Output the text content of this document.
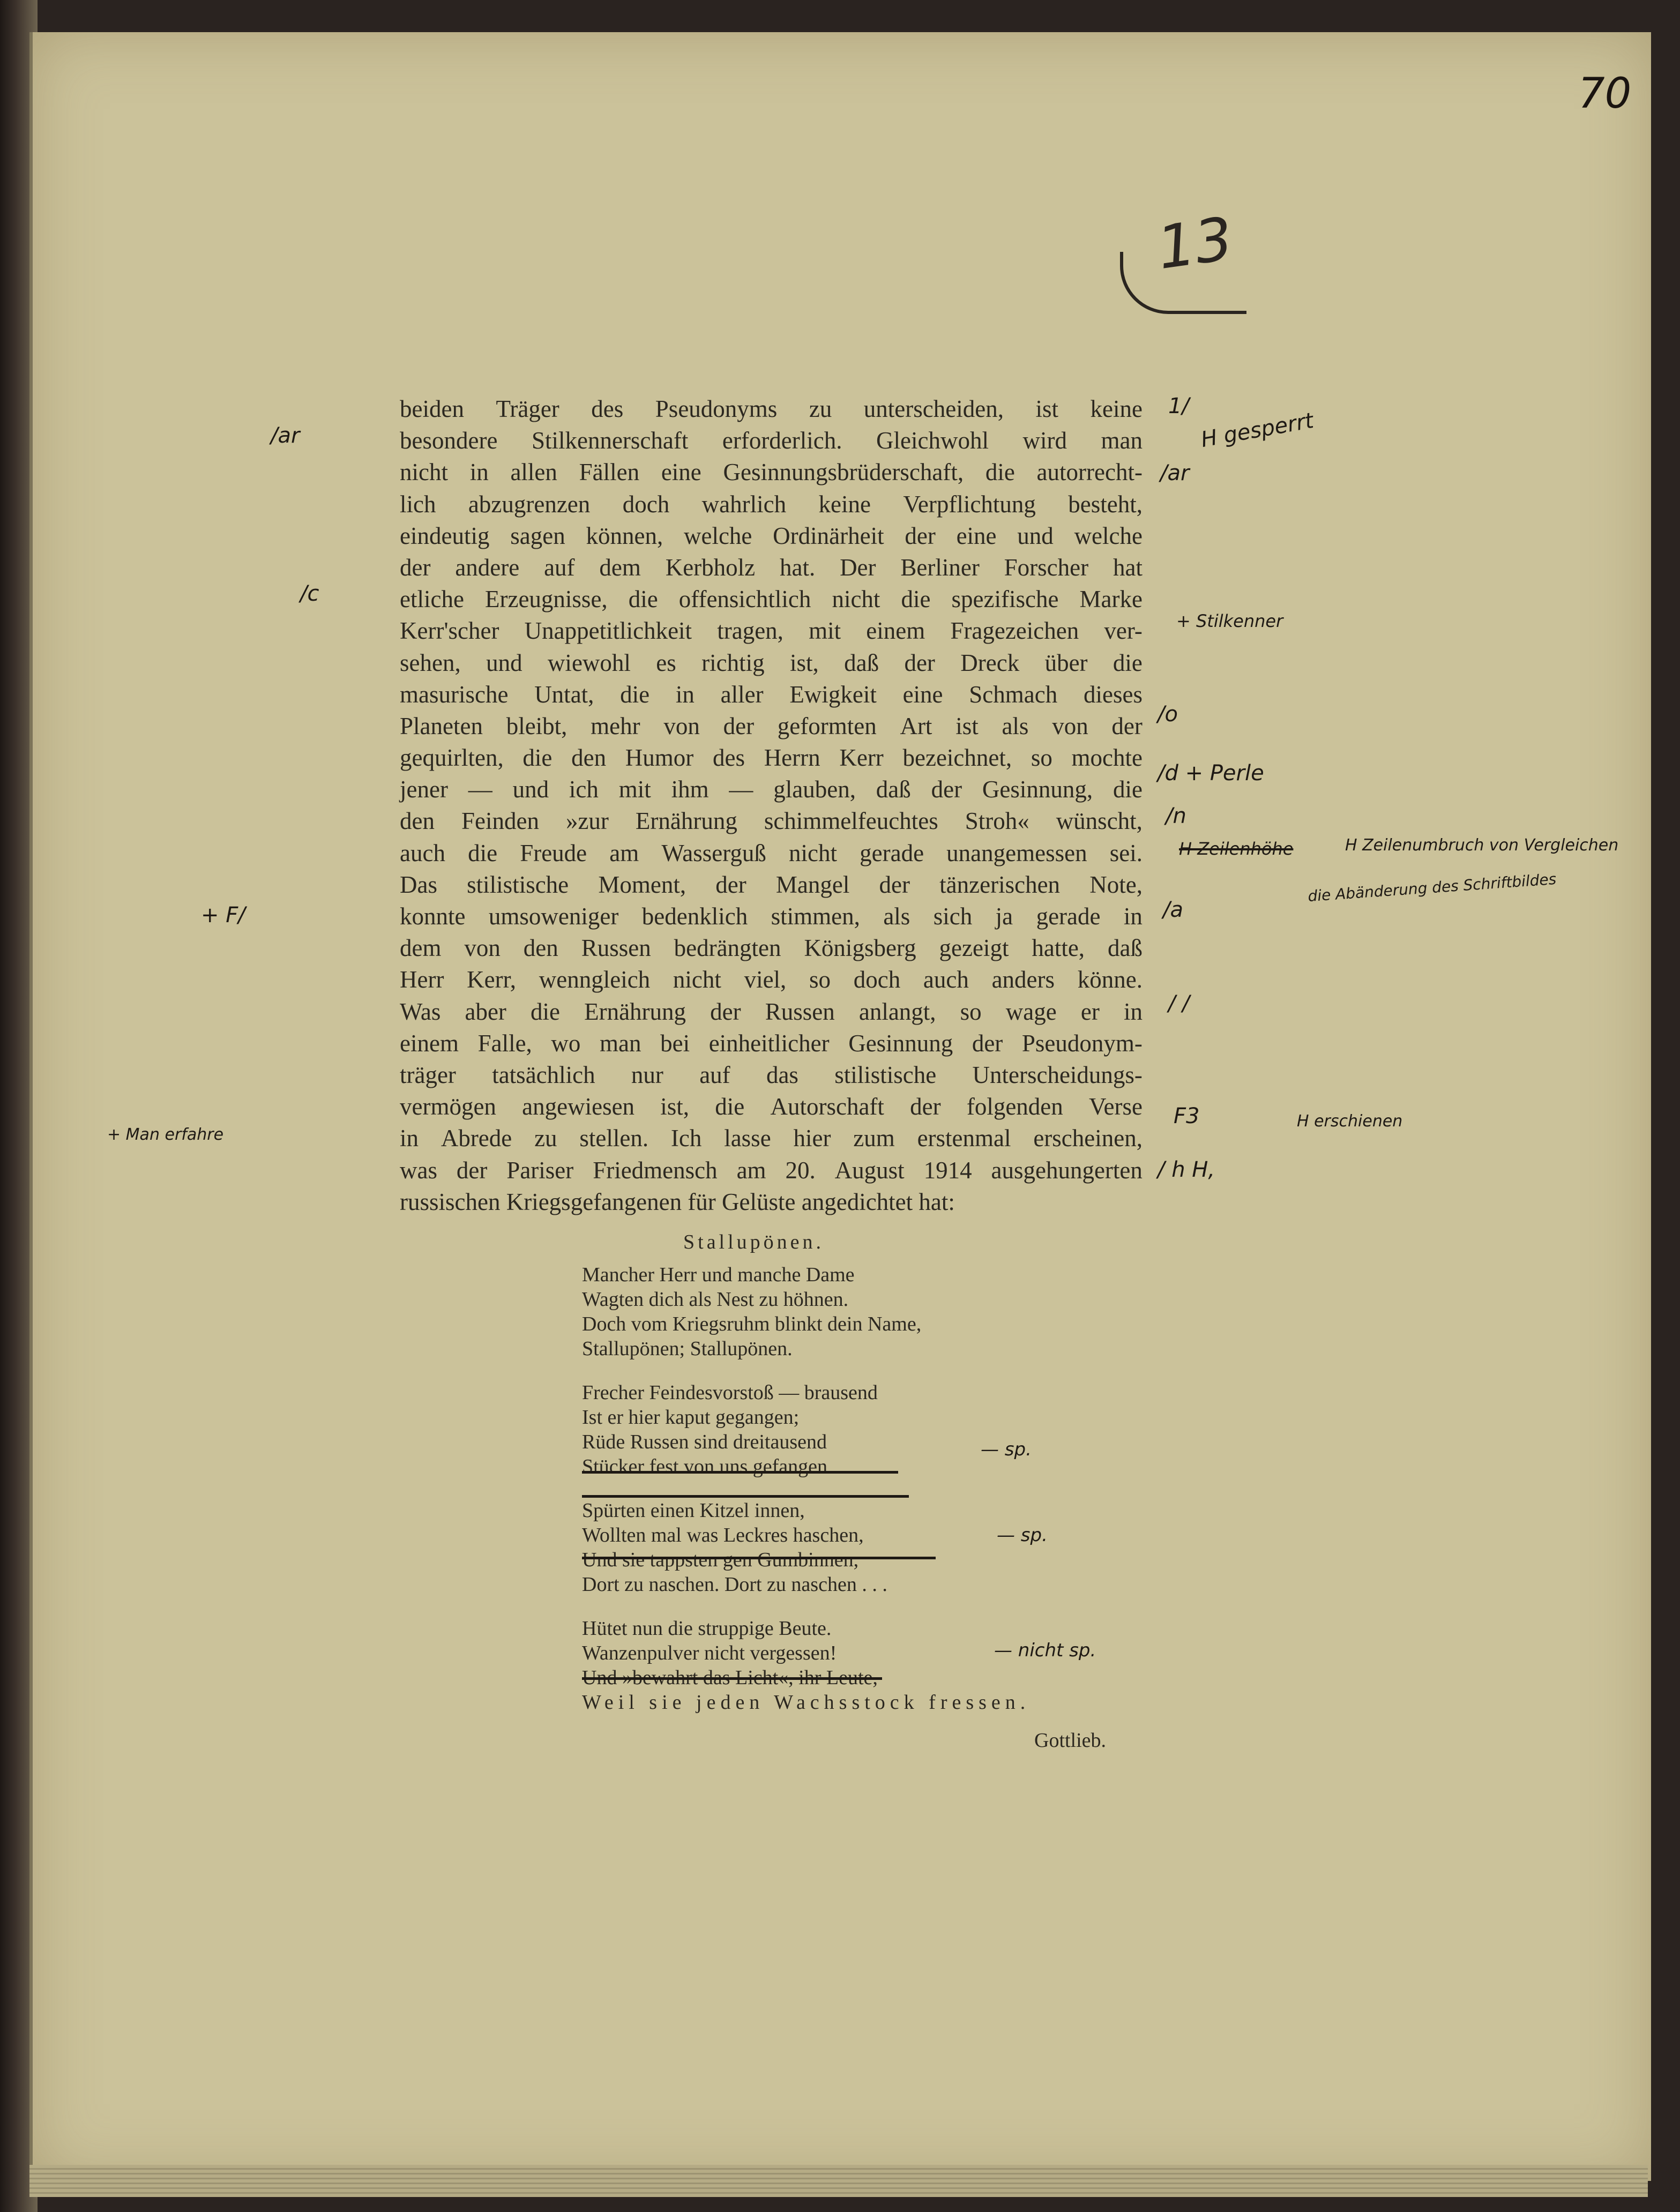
70
13
beiden Träger des Pseudonyms zu unterscheiden, ist keine
besondere Stilkennerschaft erforderlich. Gleichwohl wird man
nicht in allen Fällen eine Gesinnungsbrüderschaft, die autorrecht-
lich abzugrenzen doch wahrlich keine Verpflichtung besteht,
eindeutig sagen können, welche Ordinärheit der eine und welche
der andere auf dem Kerbholz hat. Der Berliner Forscher hat
etliche Erzeugnisse, die offensichtlich nicht die spezifische Marke
Kerr'scher Unappetitlichkeit tragen, mit einem Fragezeichen ver-
sehen, und wiewohl es richtig ist, daß der Dreck über die
masurische Untat, die in aller Ewigkeit eine Schmach dieses
Planeten bleibt, mehr von der geformten Art ist als von der
gequirlten, die den Humor des Herrn Kerr bezeichnet, so mochte
jener — und ich mit ihm — glauben, daß der Gesinnung, die
den Feinden »zur Ernährung schimmelfeuchtes Stroh« wünscht,
auch die Freude am Wasserguß nicht gerade unangemessen sei.
Das stilistische Moment, der Mangel der tänzerischen Note,
konnte umsoweniger bedenklich stimmen, als sich ja gerade in
dem von den Russen bedrängten Königsberg gezeigt hatte, daß
Herr Kerr, wenngleich nicht viel, so doch auch anders könne.
Was aber die Ernährung der Russen anlangt, so wage er in
einem Falle, wo man bei einheitlicher Gesinnung der Pseudonym-
träger tatsächlich nur auf das stilistische Unterscheidungs-
vermögen angewiesen ist, die Autorschaft der folgenden Verse
in Abrede zu stellen. Ich lasse hier zum erstenmal erscheinen,
was der Pariser Friedmensch am 20. August 1914 ausgehungerten
russischen Kriegsgefangenen für Gelüste angedichtet hat:
Stallupönen.
Mancher Herr und manche Dame
Wagten dich als Nest zu höhnen.
Doch vom Kriegsruhm blinkt dein Name,
Stallupönen; Stallupönen.
Frecher Feindesvorstoß — brausend
Ist er hier kaput gegangen;
Rüde Russen sind dreitausend
Stücker fest von uns gefangen.
Spürten einen Kitzel innen,
Wollten mal was Leckres haschen,
Und sie tappsten gen Gumbinnen,
Dort zu naschen. Dort zu naschen . . .
Hütet nun die struppige Beute.
Wanzenpulver nicht vergessen!
Und »bewahrt das Licht«, ihr Leute,
Weil sie jeden Wachsstock fressen.
Gottlieb.
/ar
/c
+ F/
+ Man erfahre
1/
H gesperrt
/ar
+ Stilkenner
/o
/d + Perle
/n
H Zeilenhöhe	H Zeilenumbruch von Vergleichen
die Abänderung des Schriftbildes
/a
/ /
F3	H erschienen
/ h H,
— sp.
— sp.
— nicht sp.
